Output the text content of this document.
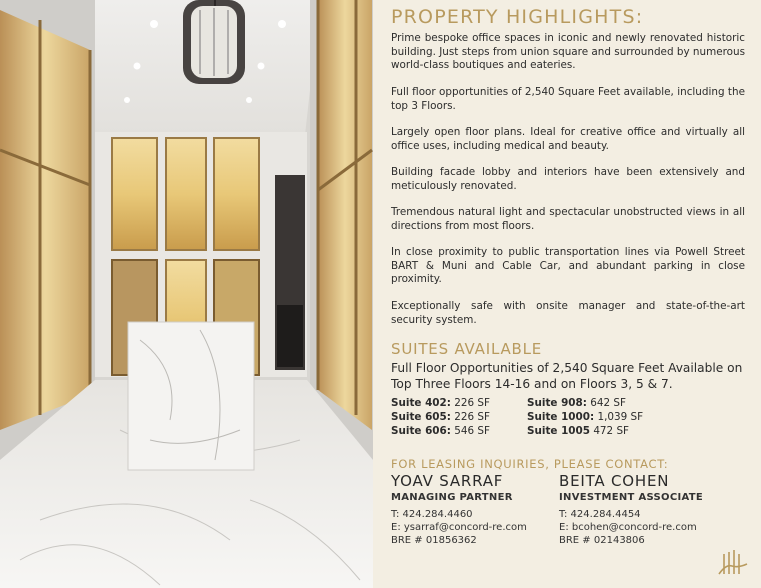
PROPERTY HIGHLIGHTS:

Prime bespoke office spaces in iconic and newly renovated historic building. Just steps from union square and surrounded by numerous world-class boutiques and eateries.

Full floor opportunities of 2,540 Square Feet available, including the top 3 Floors.

Largely open floor plans. Ideal for creative office and virtually all office uses, including medical and beauty.

Building facade lobby and interiors have been extensively and meticulously renovated.

Tremendous natural light and spectacular unobstructed views in all directions from most floors.

In close proximity to public transportation lines via Powell Street BART & Muni and Cable Car, and abundant parking in close proximity.

Exceptionally safe with onsite manager and state-of-the-art security system.

SUITES AVAILABLE

Full Floor Opportunities of 2,540 Square Feet Available on Top Three Floors 14-16 and on Floors 3, 5 & 7.

Suite 402: 226 SF
Suite 605: 226 SF
Suite 606: 546 SF
Suite 908: 642 SF
Suite 1000: 1,039 SF
Suite 1005 472 SF
FOR LEASING INQUIRIES, PLEASE CONTACT:

YOAV SARRAF

MANAGING PARTNER

T: 424.284.4460
E: ysarraf@concord-re.com
BRE # 01856362

BEITA COHEN

INVESTMENT ASSOCIATE

T: 424.284.4454
E: bcohen@concord-re.com
BRE # 02143806
